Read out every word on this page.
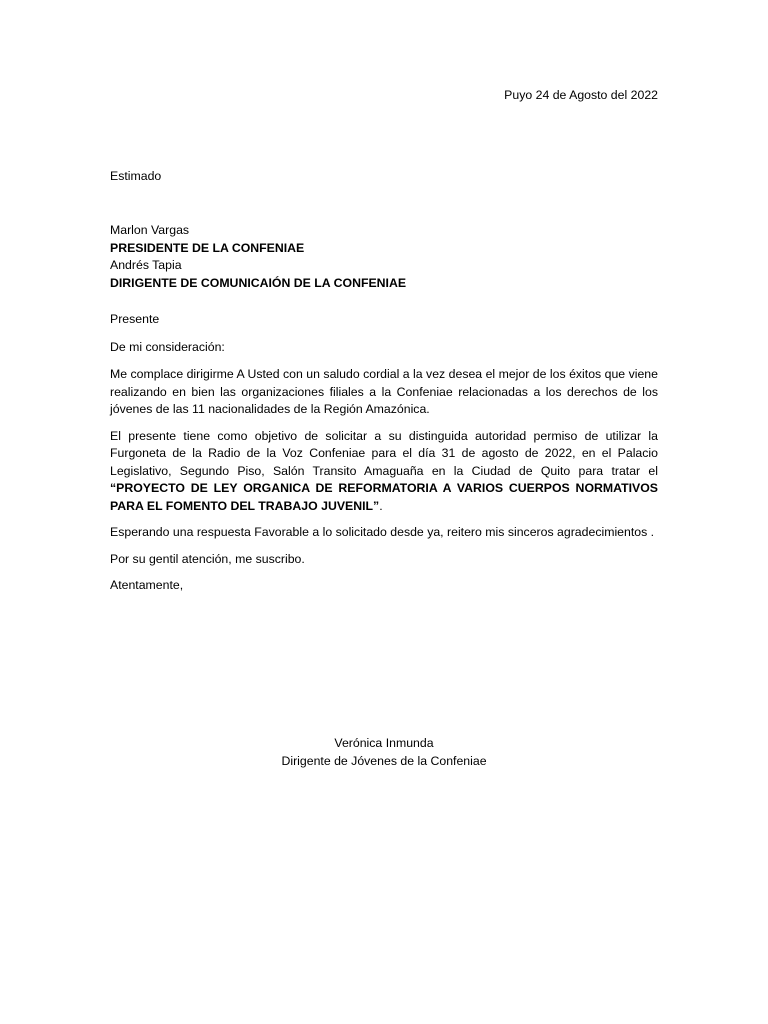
Puyo 24 de Agosto del 2022
Estimado
Marlon Vargas
PRESIDENTE DE LA CONFENIAE
Andrés Tapia
DIRIGENTE DE COMUNICAIÓN DE LA CONFENIAE

Presente

De mi consideración:

Me complace dirigirme A Usted con un saludo cordial a la vez desea el mejor de los éxitos que viene realizando en bien las organizaciones filiales a la Confeniae relacionadas a los derechos de los jóvenes de las 11 nacionalidades de la Región Amazónica.

El presente tiene como objetivo de solicitar a su distinguida autoridad permiso de utilizar la Furgoneta de la Radio de la Voz Confeniae para el día 31 de agosto de 2022, en el Palacio Legislativo, Segundo Piso, Salón Transito Amaguaña en la Ciudad de Quito para tratar el “PROYECTO DE LEY ORGANICA DE REFORMATORIA A VARIOS CUERPOS NORMATIVOS PARA EL FOMENTO DEL TRABAJO JUVENIL”.

Esperando una respuesta Favorable a lo solicitado desde ya, reitero mis sinceros agradecimientos .

Por su gentil atención, me suscribo.

Atentamente,

Verónica Inmunda
Dirigente de Jóvenes de la Confeniae
